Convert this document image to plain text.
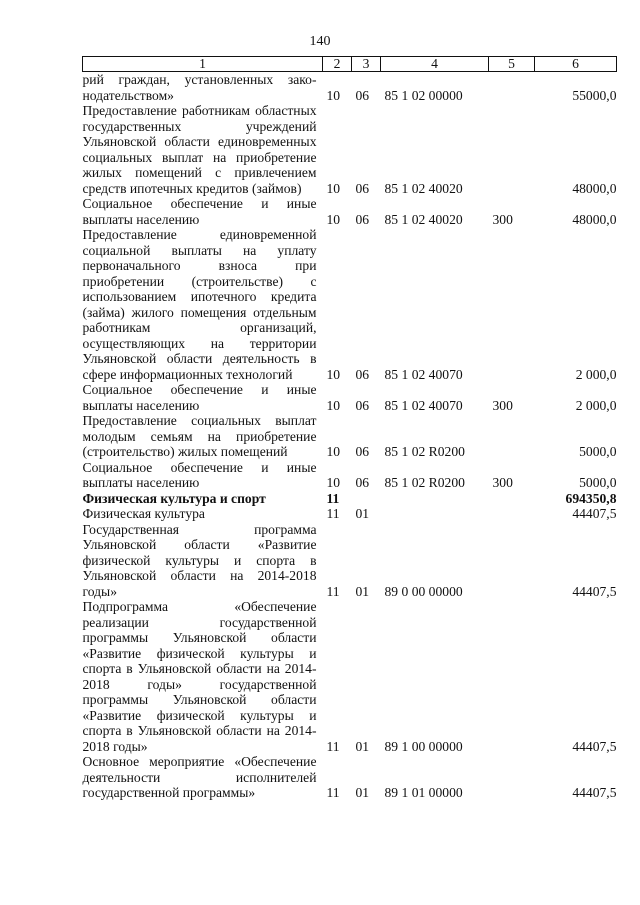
140
1	2	3	4	5	6
рий граждан, установленных зако-нодательством»	10	06	85 1 02 00000		55000,0
Предоставление работникам областных государственных учреждений Ульяновской области единовременных социальных выплат на приобретение жилых помещений с привлечением средств ипотечных кредитов (займов)	10	06	85 1 02 40020		48000,0
Социальное обеспечение и иные выплаты населению	10	06	85 1 02 40020	300	48000,0
Предоставление единовременной социальной выплаты на уплату первоначального взноса при приобретении (строительстве) с использованием ипотечного кредита (займа) жилого помещения отдельным работникам организаций, осуществляющих на территории Ульяновской области деятельность в сфере информационных технологий	10	06	85 1 02 40070		2 000,0
Социальное обеспечение и иные выплаты населению	10	06	85 1 02 40070	300	2 000,0
Предоставление социальных выплат молодым семьям на приобретение (строительство) жилых помещений	10	06	85 1 02 R0200		5000,0
Социальное обеспечение и иные выплаты населению	10	06	85 1 02 R0200	300	5000,0
Физическая культура и спорт	11				694350,8
Физическая культура	11	01			44407,5
Государственная программа Ульяновской области «Развитие физической культуры и спорта в Ульяновской области на 2014-2018 годы»	11	01	89 0 00 00000		44407,5
Подпрограмма «Обеспечение реализации государственной программы Ульяновской области «Развитие физической культуры и спорта в Ульяновской области на 2014-2018 годы» государственной программы Ульяновской области «Развитие физической культуры и спорта в Ульяновской области на 2014-2018 годы»	11	01	89 1 00 00000		44407,5
Основное мероприятие «Обеспечение деятельности исполнителей государственной программы»	11	01	89 1 01 00000		44407,5
